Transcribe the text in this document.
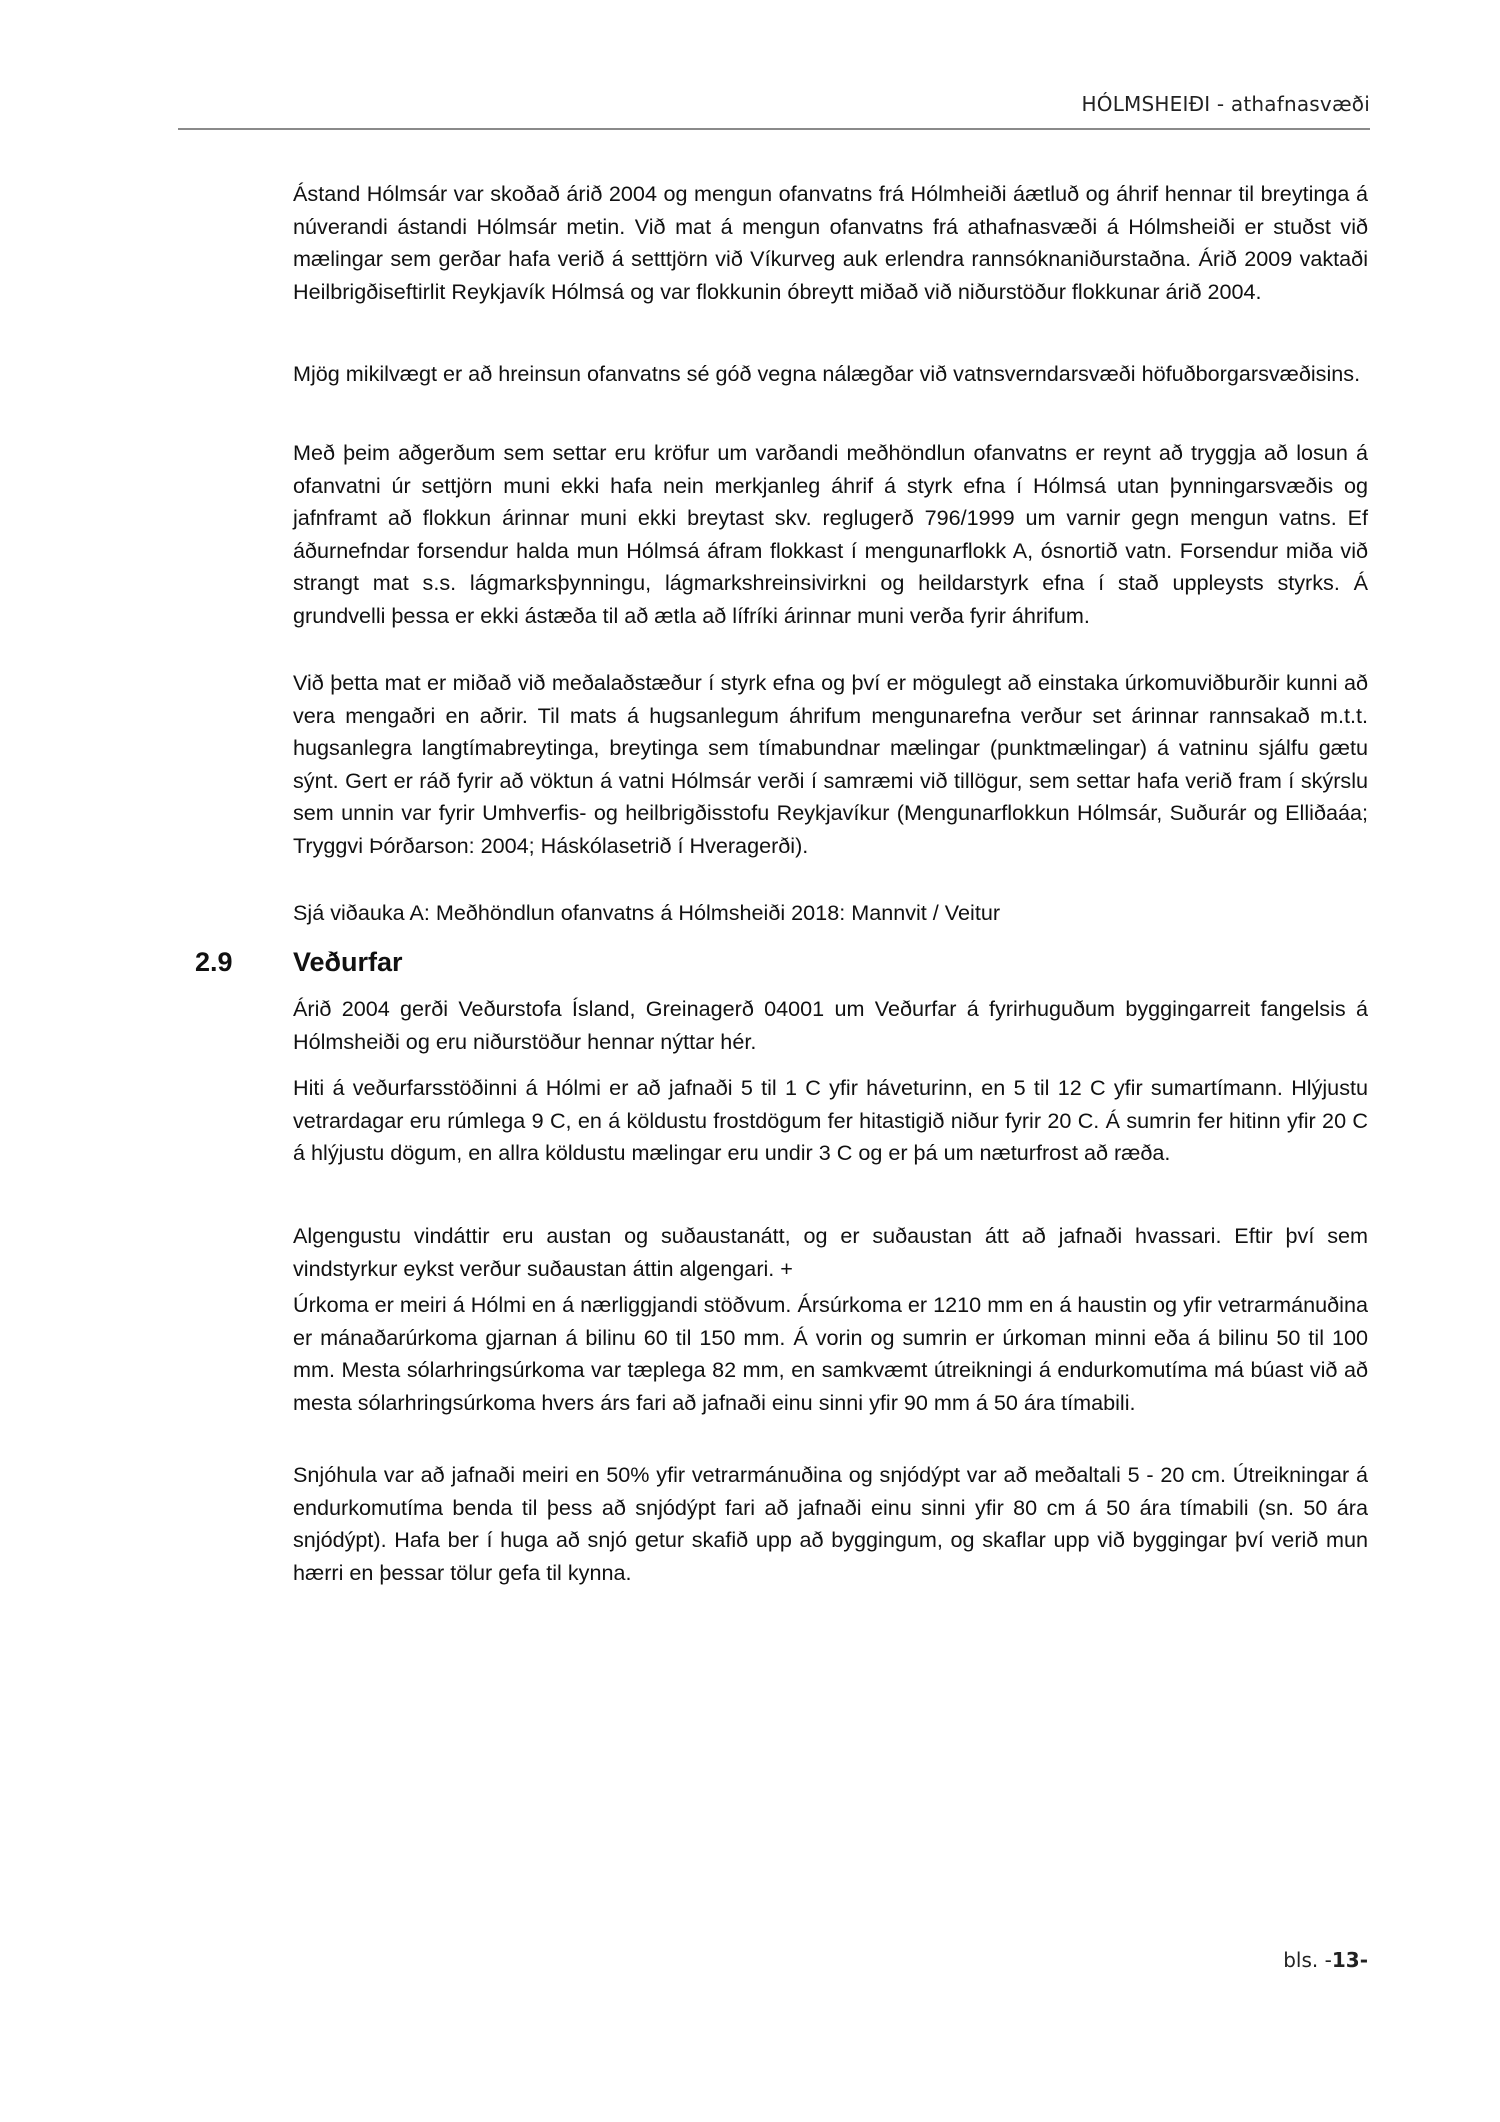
HÓLMSHEIÐI - athafnasvæði

Ástand Hólmsár var skoðað árið 2004 og mengun ofanvatns frá Hólmheiði áætluð og áhrif hennar til breytinga á núverandi ástandi Hólmsár metin. Við mat á mengun ofanvatns frá athafnasvæði á Hólmsheiði er stuðst við mælingar sem gerðar hafa verið á setttjörn við Víkurveg auk erlendra rannsóknaniðurstaðna. Árið 2009 vaktaði Heilbrigðiseftirlit Reykjavík Hólmsá og var flokkunin óbreytt miðað við niðurstöður flokkunar árið 2004.

Mjög mikilvægt er að hreinsun ofanvatns sé góð vegna nálægðar við vatnsverndarsvæði höfuðborgarsvæðisins.

Með þeim aðgerðum sem settar eru kröfur um varðandi meðhöndlun ofanvatns er reynt að tryggja að losun á ofanvatni úr settjörn muni ekki hafa nein merkjanleg áhrif á styrk efna í Hólmsá utan þynningarsvæðis og jafnframt að flokkun árinnar muni ekki breytast skv. reglugerð 796/1999 um varnir gegn mengun vatns. Ef áðurnefndar forsendur halda mun Hólmsá áfram flokkast í mengunarflokk A, ósnortið vatn. Forsendur miða við strangt mat s.s. lágmarksþynningu, lágmarkshreinsivirkni og heildarstyrk efna í stað uppleysts styrks. Á grundvelli þessa er ekki ástæða til að ætla að lífríki árinnar muni verða fyrir áhrifum.

Við þetta mat er miðað við meðalaðstæður í styrk efna og því er mögulegt að einstaka úrkomuviðburðir kunni að vera mengaðri en aðrir. Til mats á hugsanlegum áhrifum mengunarefna verður set árinnar rannsakað m.t.t. hugsanlegra langtímabreytinga, breytinga sem tímabundnar mælingar (punktmælingar) á vatninu sjálfu gætu sýnt. Gert er ráð fyrir að vöktun á vatni Hólmsár verði í samræmi við tillögur, sem settar hafa verið fram í skýrslu sem unnin var fyrir Umhverfis- og heilbrigðisstofu Reykjavíkur (Mengunarflokkun Hólmsár, Suðurár og Elliðaáa; Tryggvi Þórðarson: 2004; Háskólasetrið í Hveragerði).

Sjá viðauka A: Meðhöndlun ofanvatns á Hólmsheiði 2018: Mannvit / Veitur

2.9 Veðurfar

Árið 2004 gerði Veðurstofa Ísland, Greinagerð 04001 um Veðurfar á fyrirhuguðum byggingarreit fangelsis á Hólmsheiði og eru niðurstöður hennar nýttar hér.

Hiti á veðurfarsstöðinni á Hólmi er að jafnaði 5 til 1 C yfir háveturinn, en 5 til 12 C yfir sumartímann. Hlýjustu vetrardagar eru rúmlega 9 C, en á köldustu frostdögum fer hitastigið niður fyrir 20 C. Á sumrin fer hitinn yfir 20 C á hlýjustu dögum, en allra köldustu mælingar eru undir 3 C og er þá um næturfrost að ræða.

Algengustu vindáttir eru austan og suðaustanátt, og er suðaustan átt að jafnaði hvassari. Eftir því sem vindstyrkur eykst verður suðaustan áttin algengari. +

Úrkoma er meiri á Hólmi en á nærliggjandi stöðvum. Ársúrkoma er 1210 mm en á haustin og yfir vetrarmánuðina er mánaðarúrkoma gjarnan á bilinu 60 til 150 mm. Á vorin og sumrin er úrkoman minni eða á bilinu 50 til 100 mm. Mesta sólarhringsúrkoma var tæplega 82 mm, en samkvæmt útreikningi á endurkomutíma má búast við að mesta sólarhringsúrkoma hvers árs fari að jafnaði einu sinni yfir 90 mm á 50 ára tímabili.

Snjóhula var að jafnaði meiri en 50% yfir vetrarmánuðina og snjódýpt var að meðaltali 5 - 20 cm. Útreikningar á endurkomutíma benda til þess að snjódýpt fari að jafnaði einu sinni yfir 80 cm á 50 ára tímabili (sn. 50 ára snjódýpt). Hafa ber í huga að snjó getur skafið upp að byggingum, og skaflar upp við byggingar því verið mun hærri en þessar tölur gefa til kynna.

bls. -13-
